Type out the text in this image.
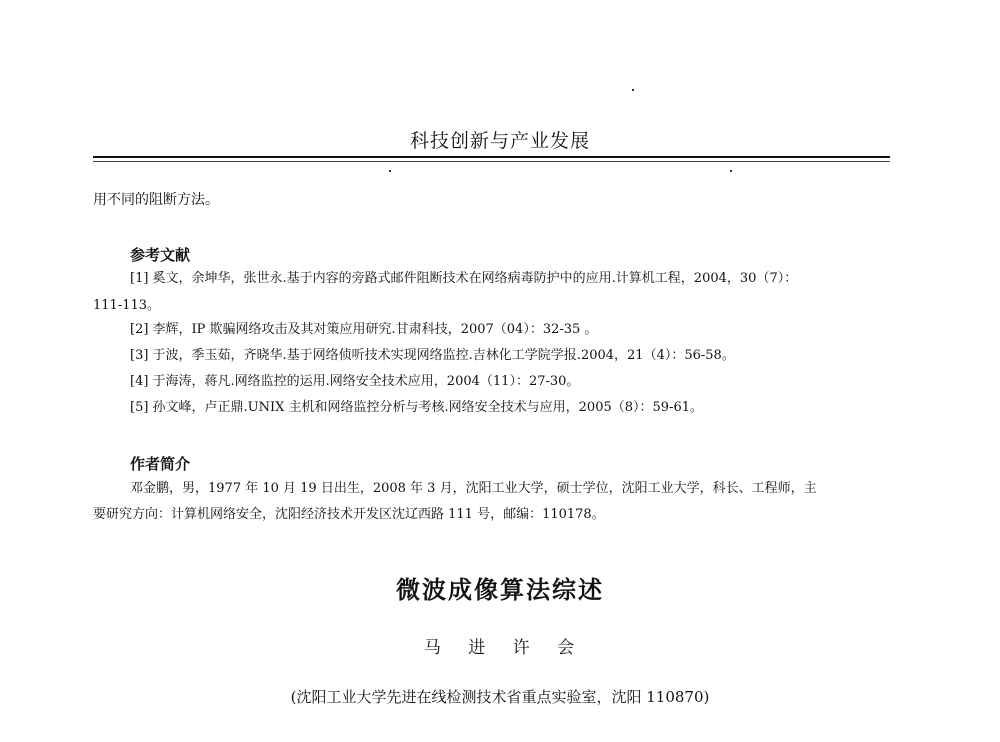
科技创新与产业发展
用不同的阻断方法。
参考文献
[1] 奚文，余坤华，张世永.基于内容的旁路式邮件阻断技术在网络病毒防护中的应用.计算机工程，2004，30（7）：
111-113。
[2] 李辉，IP 欺骗网络攻击及其对策应用研究.甘肃科技，2007（04）：32-35 。
[3] 于波，季玉茹，齐晓华.基于网络侦听技术实现网络监控.吉林化工学院学报.2004，21（4）：56-58。
[4] 于海涛，蒋凡.网络监控的运用.网络安全技术应用，2004（11）：27-30。
[5] 孙文峰，卢正鼎.UNIX 主机和网络监控分析与考核.网络安全技术与应用，2005（8）：59-61。
作者简介
邓金鹏，男，1977 年 10 月 19 日出生，2008 年 3 月，沈阳工业大学，硕士学位，沈阳工业大学，科长、工程师，主
要研究方向：计算机网络安全，沈阳经济技术开发区沈辽西路 111 号，邮编：110178。
微波成像算法综述
马 进 许 会
(沈阳工业大学先进在线检测技术省重点实验室，沈阳 110870)
